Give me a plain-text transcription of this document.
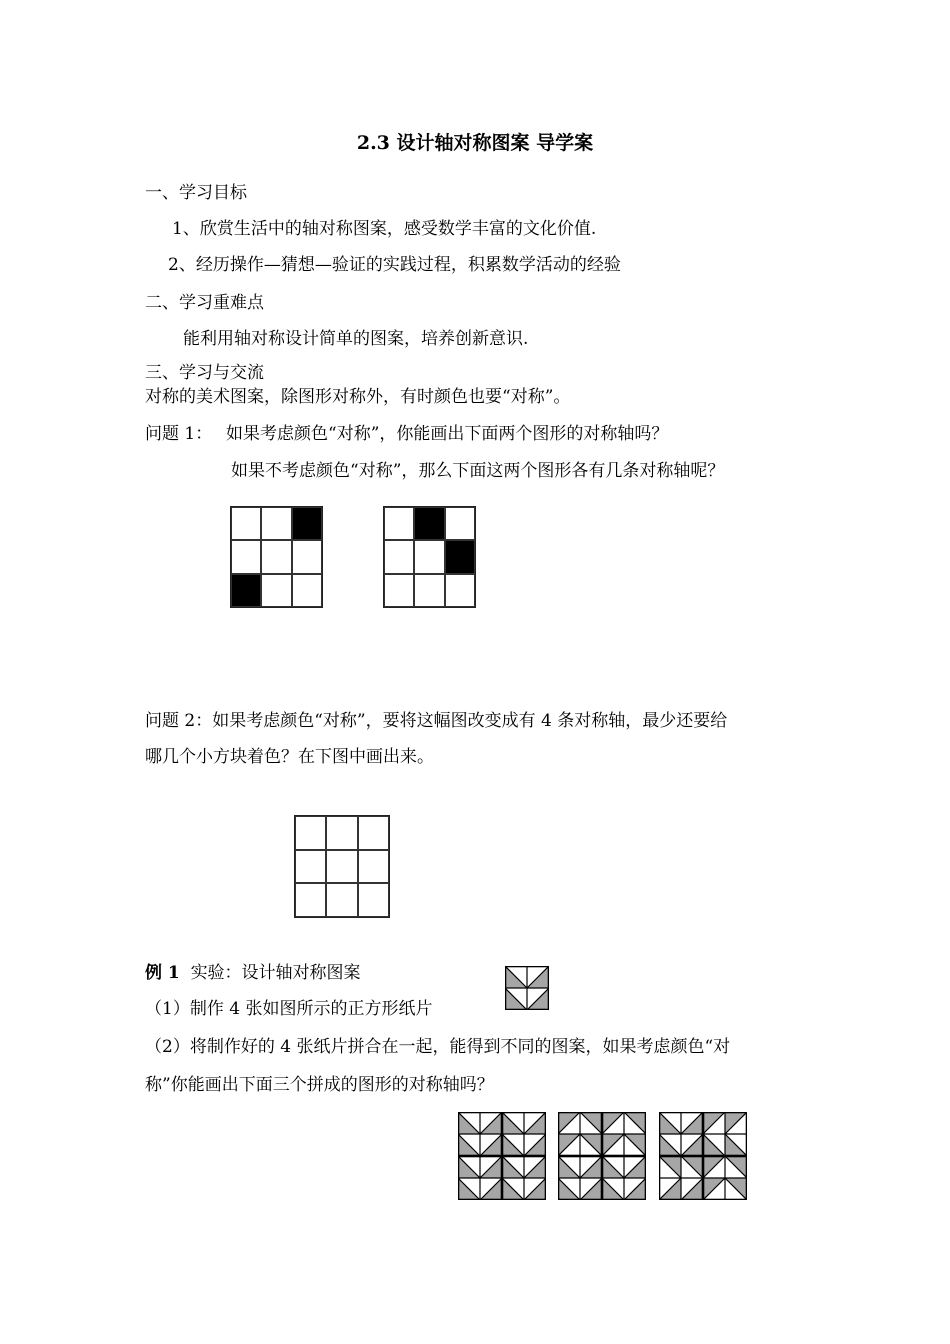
2.3 设计轴对称图案 导学案
一、学习目标
1、欣赏生活中的轴对称图案，感受数学丰富的文化价值.
2、经历操作—猜想—验证的实践过程，积累数学活动的经验
二、学习重难点
能利用轴对称设计简单的图案，培养创新意识.
三、学习与交流
对称的美术图案，除图形对称外，有时颜色也要“对称”。
问题 1： 如果考虑颜色“对称”，你能画出下面两个图形的对称轴吗？
如果不考虑颜色“对称”，那么下面这两个图形各有几条对称轴呢？
问题 2：如果考虑颜色“对称”，要将这幅图改变成有 4 条对称轴，最少还要给
哪几个小方块着色？在下图中画出来。
例 1 实验：设计轴对称图案
（1）制作 4 张如图所示的正方形纸片
（2）将制作好的 4 张纸片拼合在一起，能得到不同的图案，如果考虑颜色“对
称”你能画出下面三个拼成的图形的对称轴吗？
